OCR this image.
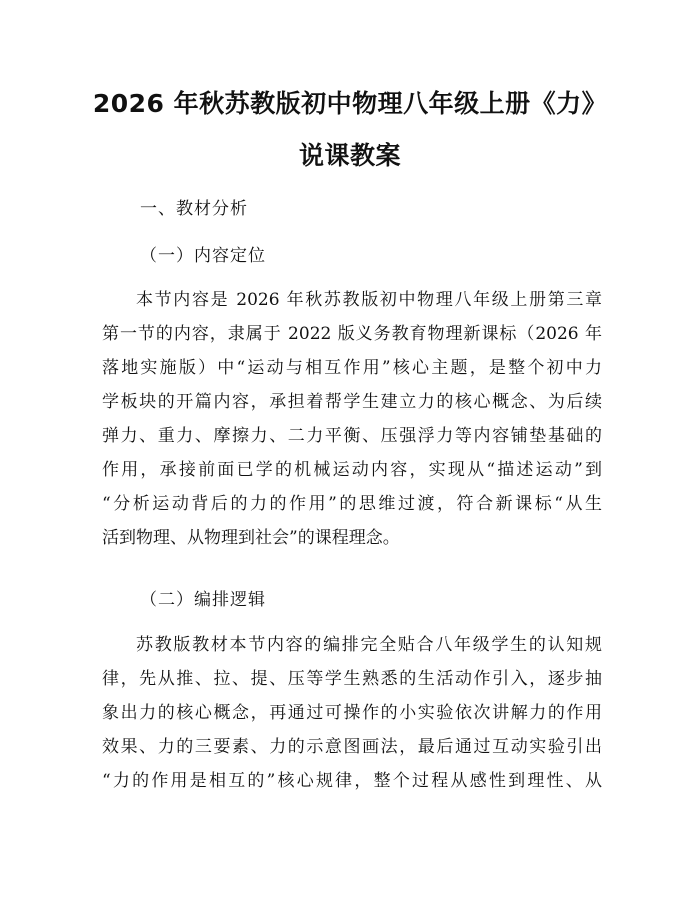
2026 年秋苏教版初中物理八年级上册《力》
说课教案
一、教材分析
（一）内容定位
本节内容是 2026 年秋苏教版初中物理八年级上册第三章
第一节的内容，隶属于 2022 版义务教育物理新课标（2026 年
落地实施版）中“运动与相互作用”核心主题，是整个初中力
学板块的开篇内容，承担着帮学生建立力的核心概念、为后续
弹力、重力、摩擦力、二力平衡、压强浮力等内容铺垫基础的
作用，承接前面已学的机械运动内容，实现从“描述运动”到
“分析运动背后的力的作用”的思维过渡，符合新课标“从生
活到物理、从物理到社会”的课程理念。
（二）编排逻辑
苏教版教材本节内容的编排完全贴合八年级学生的认知规
律，先从推、拉、提、压等学生熟悉的生活动作引入，逐步抽
象出力的核心概念，再通过可操作的小实验依次讲解力的作用
效果、力的三要素、力的示意图画法，最后通过互动实验引出
“力的作用是相互的”核心规律，整个过程从感性到理性、从
